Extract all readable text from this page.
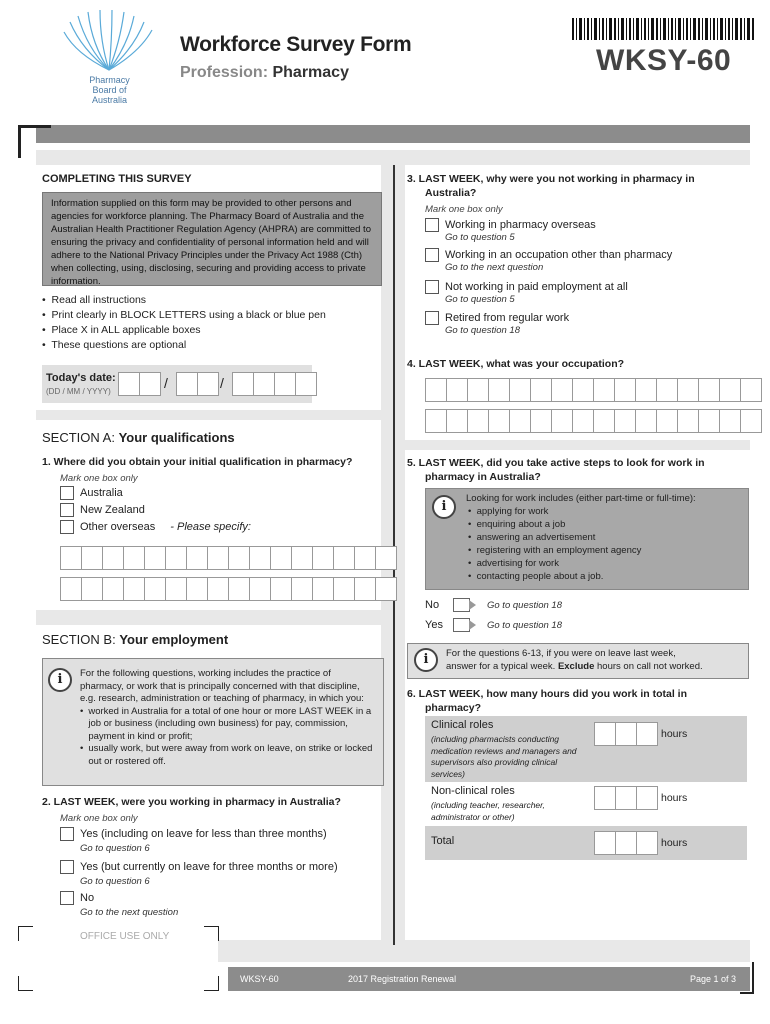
Pharmacy
Board of
Australia
Workforce Survey Form
Profession: Pharmacy	WKSY-60
COMPLETING THIS SURVEY
Information supplied on this form may be provided to other persons and agencies for workforce planning. The Pharmacy Board of Australia and the Australian Health Practitioner Regulation Agency (AHPRA) are committed to ensuring the privacy and confidentiality of personal information held and will adhere to the National Privacy Principles under the Privacy Act 1988 (Cth) when collecting, using, disclosing, securing and providing access to private information.
•  Read all instructions
•  Print clearly in BLOCK LETTERS using a black or blue pen
•  Place X in ALL applicable boxes
•  These questions are optional
Today's date:
(DD / MM / YYYY)
/	/
SECTION A: Your qualifications
1. Where did you obtain your initial qualification in pharmacy?
Mark one box only
Australia
New Zealand
Other overseas
- Please specify:
SECTION B: Your employment
i	For the following questions, working includes the practice of pharmacy, or work that is principally concerned with that discipline, e.g. research, administration or teaching of pharmacy, in which you:
• worked in Australia for a total of one hour or more LAST WEEK in a job or business (including own business) for pay, commission, payment in kind or profit;
• usually work, but were away from work on leave, on strike or locked out or rostered off.
2. LAST WEEK, were you working in pharmacy in Australia?
Mark one box only
Yes (including on leave for less than three months)
Go to question 6
Yes (but currently on leave for three months or more)
Go to question 6
No
Go to the next question
3. LAST WEEK, why were you not working in pharmacy in
Australia?
Mark one box only
Working in pharmacy overseas
Go to question 5
Working in an occupation other than pharmacy
Go to the next question
Not working in paid employment at all
Go to question 5
Retired from regular work
Go to question 18
4. LAST WEEK, what was your occupation?
5. LAST WEEK, did you take active steps to look for work in
pharmacy in Australia?
i
Looking for work includes (either part-time or full-time):
•  applying for work
•  enquiring about a job
•  answering an advertisement
•  registering with an employment agency
•  advertising for work
•  contacting people about a job.
No	Go to question 18
Yes	Go to question 18
i	For the questions 6-13, if you were on leave last week,
answer for a typical week. Exclude hours on call not worked.
6. LAST WEEK, how many hours did you work in total in
pharmacy?
Clinical roles
(including pharmacists conducting medication reviews and managers and supervisors also providing clinical services)
hours
Non-clinical roles
(including teacher, researcher, administrator or other)
hours
Total	hours
OFFICE USE ONLY
WKSY-60	2017 Registration Renewal	Page 1 of 3
